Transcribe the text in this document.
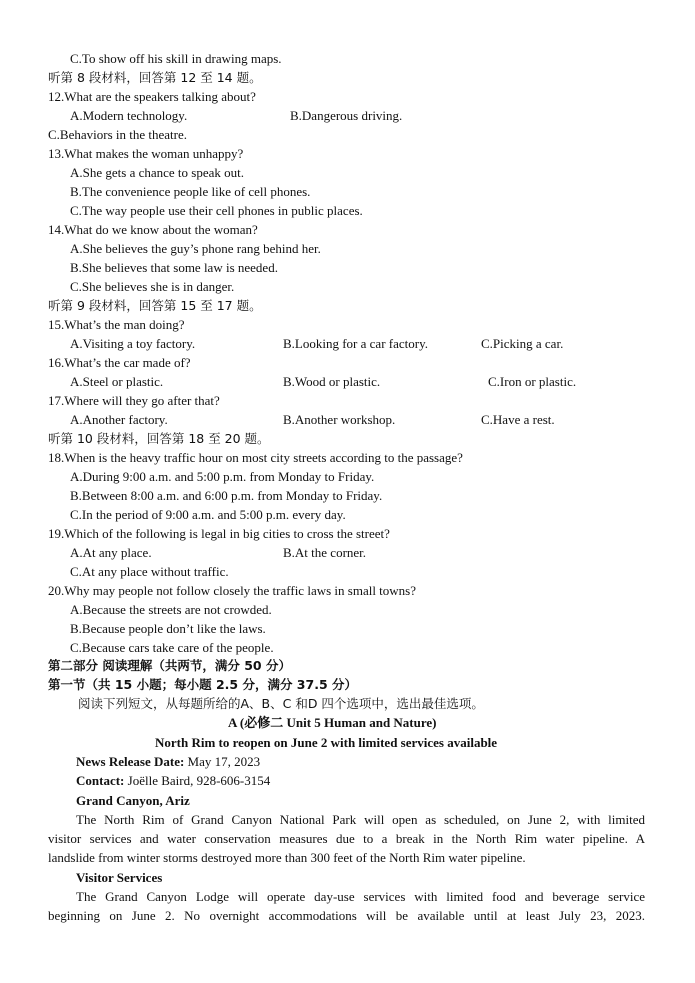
C.To show off his skill in drawing maps.
听第 8 段材料，回答第 12 至 14 题。
12.What are the speakers talking about?
A.Modern technology.	B.Dangerous driving.
C.Behaviors in the theatre.
13.What makes the woman unhappy?
A.She gets a chance to speak out.
B.The convenience people like of cell phones.
C.The way people use their cell phones in public places.
14.What do we know about the woman?
A.She believes the guy’s phone rang behind her.
B.She believes that some law is needed.
C.She believes she is in danger.
听第 9 段材料，回答第 15 至 17 题。
15.What’s the man doing?
A.Visiting a toy factory.	B.Looking for a car factory.	C.Picking a car.
16.What’s the car made of?
A.Steel or plastic.	B.Wood or plastic.	C.Iron or plastic.
17.Where will they go after that?
A.Another factory.	B.Another workshop.	C.Have a rest.
听第 10 段材料，回答第 18 至 20 题。
18.When is the heavy traffic hour on most city streets according to the passage?
A.During 9:00 a.m. and 5:00 p.m. from Monday to Friday.
B.Between 8:00 a.m. and 6:00 p.m. from Monday to Friday.
C.In the period of 9:00 a.m. and 5:00 p.m. every day.
19.Which of the following is legal in big cities to cross the street?
A.At any place.	B.At the corner.
C.At any place without traffic.
20.Why may people not follow closely the traffic laws in small towns?
A.Because the streets are not crowded.
B.Because people don’t like the laws.
C.Because cars take care of the people.
第二部分 阅读理解（共两节，满分 50 分）
第一节（共 15 小题；每小题 2.5 分，满分 37.5 分）
阅读下列短文，从每题所给的A、B、C 和D 四个选项中，选出最佳选项。
A (必修二 Unit 5 Human and Nature)
North Rim to reopen on June 2 with limited services available
News Release Date: May 17, 2023
Contact: Joëlle Baird, 928-606-3154
Grand Canyon, Ariz
The North Rim of Grand Canyon National Park will open as scheduled, on June 2, with limited
visitor services and water conservation measures due to a break in the North Rim water pipeline. A
landslide from winter storms destroyed more than 300 feet of the North Rim water pipeline.
Visitor Services
The Grand Canyon Lodge will operate day-use services with limited food and beverage service
beginning on June 2. No overnight accommodations will be available until at least July 23, 2023.
